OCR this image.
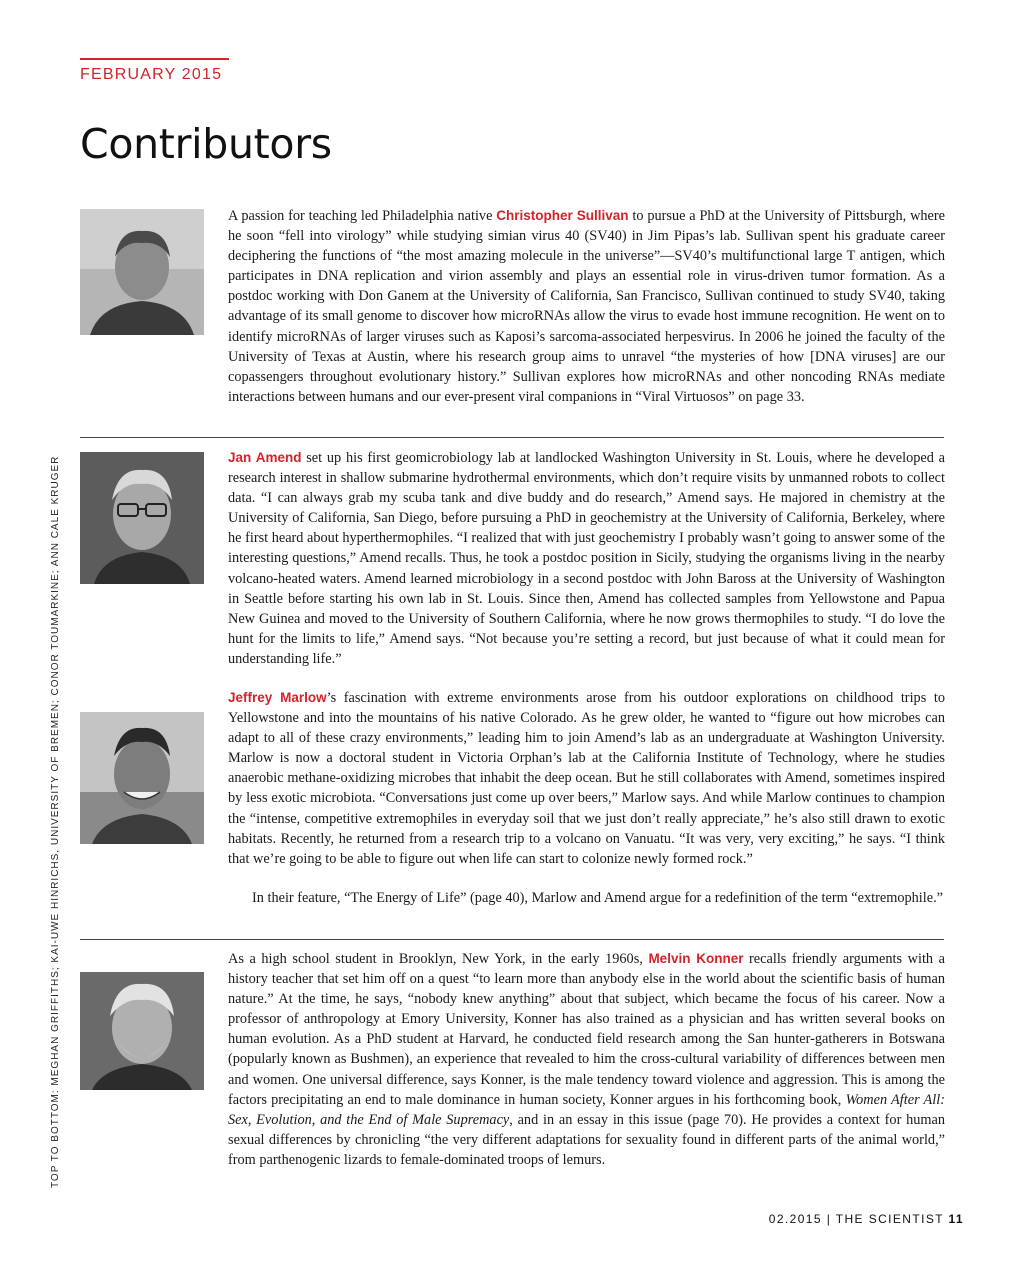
FEBRUARY 2015
Contributors
TOP TO BOTTOM: MEGHAN GRIFFITHS; KAI-UWE HINRICHS, UNIVERSITY OF BREMEN; CONOR TOUMARKINE; ANN CALE KRUGER

A passion for teaching led Philadelphia native Christopher Sullivan to pursue a PhD at the University of Pittsburgh, where he soon “fell into virology” while studying simian virus 40 (SV40) in Jim Pipas’s lab. Sullivan spent his graduate career deciphering the functions of “the most amazing molecule in the universe”—SV40’s multifunctional large T antigen, which participates in DNA replication and virion assembly and plays an essential role in virus-driven tumor formation. As a postdoc working with Don Ganem at the University of California, San Francisco, Sullivan continued to study SV40, taking advantage of its small genome to discover how microRNAs allow the virus to evade host immune recognition. He went on to identify microRNAs of larger viruses such as Kaposi’s sarcoma-associated herpesvirus. In 2006 he joined the faculty of the University of Texas at Austin, where his research group aims to unravel “the mysteries of how [DNA viruses] are our copassengers throughout evolutionary history.” Sullivan explores how microRNAs and other noncoding RNAs mediate interactions between humans and our ever-present viral companions in “Viral Virtuosos” on page 33.

Jan Amend set up his first geomicrobiology lab at landlocked Washington University in St. Louis, where he developed a research interest in shallow submarine hydrothermal environments, which don’t require visits by unmanned robots to collect data. “I can always grab my scuba tank and dive buddy and do research,” Amend says. He majored in chemistry at the University of California, San Diego, before pursuing a PhD in geochemistry at the University of California, Berkeley, where he first heard about hyperthermophiles. “I realized that with just geochemistry I probably wasn’t going to answer some of the interesting questions,” Amend recalls. Thus, he took a postdoc position in Sicily, studying the organisms living in the nearby volcano-heated waters. Amend learned microbiology in a second postdoc with John Baross at the University of Washington in Seattle before starting his own lab in St. Louis. Since then, Amend has collected samples from Yellowstone and Papua New Guinea and moved to the University of Southern California, where he now grows thermophiles to study. “I do love the hunt for the limits to life,” Amend says. “Not because you’re setting a record, but just because of what it could mean for understanding life.”

Jeffrey Marlow’s fascination with extreme environments arose from his outdoor explorations on childhood trips to Yellowstone and into the mountains of his native Colorado. As he grew older, he wanted to “figure out how microbes can adapt to all of these crazy environments,” leading him to join Amend’s lab as an undergraduate at Washington University. Marlow is now a doctoral student in Victoria Orphan’s lab at the California Institute of Technology, where he studies anaerobic methane-oxidizing microbes that inhabit the deep ocean. But he still collaborates with Amend, sometimes inspired by less exotic microbiota. “Conversations just come up over beers,” Marlow says. And while Marlow continues to champion the “intense, competitive extremophiles in everyday soil that we just don’t really appreciate,” he’s also still drawn to exotic habitats. Recently, he returned from a research trip to a volcano on Vanuatu. “It was very, very exciting,” he says. “I think that we’re going to be able to figure out when life can start to colonize newly formed rock.”

In their feature, “The Energy of Life” (page 40), Marlow and Amend argue for a redefinition of the term “extremophile.”

As a high school student in Brooklyn, New York, in the early 1960s, Melvin Konner recalls friendly arguments with a history teacher that set him off on a quest “to learn more than anybody else in the world about the scientific basis of human nature.” At the time, he says, “nobody knew anything” about that subject, which became the focus of his career. Now a professor of anthropology at Emory University, Konner has also trained as a physician and has written several books on human evolution. As a PhD student at Harvard, he conducted field research among the San hunter-gatherers in Botswana (popularly known as Bushmen), an experience that revealed to him the cross-cultural variability of differences between men and women. One universal difference, says Konner, is the male tendency toward violence and aggression. This is among the factors precipitating an end to male dominance in human society, Konner argues in his forthcoming book, Women After All: Sex, Evolution, and the End of Male Supremacy, and in an essay in this issue (page 70). He provides a context for human sexual differences by chronicling “the very different adaptations for sexuality found in different parts of the animal world,” from parthenogenic lizards to female-dominated troops of lemurs.

02.2015 | THE SCIENTIST 11
